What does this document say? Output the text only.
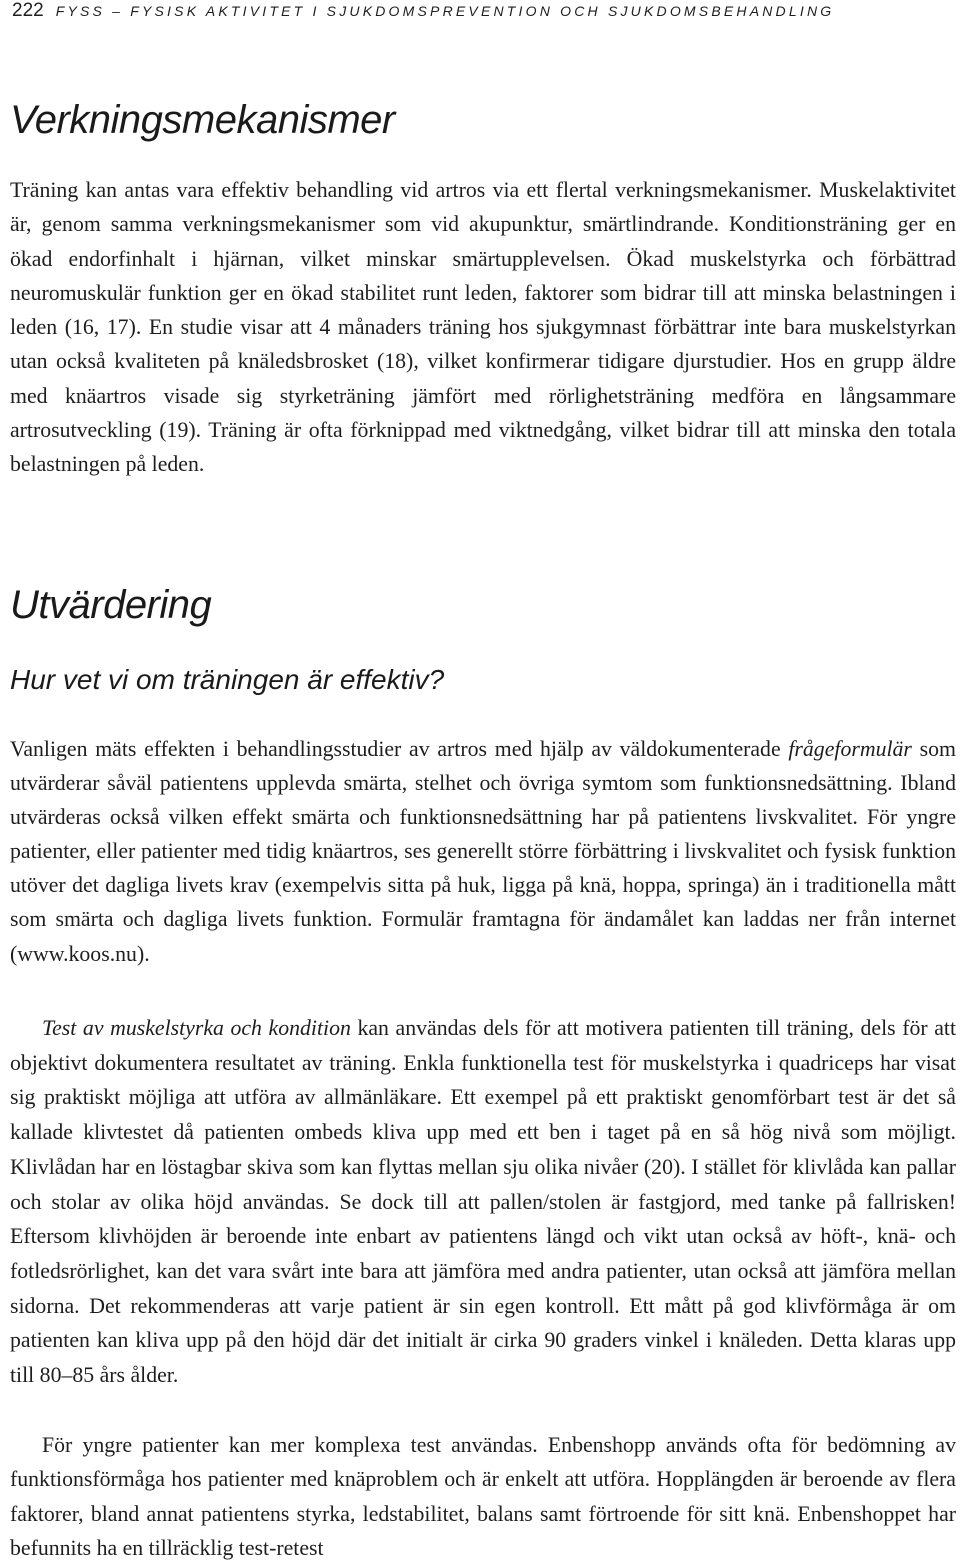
222 FYSS – FYSISK AKTIVITET I SJUKDOMSPREVENTION OCH SJUKDOMSBEHANDLING
Verkningsmekanismer

Träning kan antas vara effektiv behandling vid artros via ett flertal verkningsmekanismer. Muskelaktivitet är, genom samma verkningsmekanismer som vid akupunktur, smärtlindrande. Konditionsträning ger en ökad endorfinhalt i hjärnan, vilket minskar smärtupplevelsen. Ökad muskelstyrka och förbättrad neuromuskulär funktion ger en ökad stabilitet runt leden, faktorer som bidrar till att minska belastningen i leden (16, 17). En studie visar att 4 månaders träning hos sjukgymnast förbättrar inte bara muskelstyrkan utan också kvaliteten på knäledsbrosket (18), vilket konfirmerar tidigare djurstudier. Hos en grupp äldre med knäartros visade sig styrketräning jämfört med rörlighetsträning medföra en långsammare artrosutveckling (19). Träning är ofta förknippad med viktnedgång, vilket bidrar till att minska den totala belastningen på leden.

Utvärdering
Hur vet vi om träningen är effektiv?

Vanligen mäts effekten i behandlingsstudier av artros med hjälp av väldokumenterade frågeformulär som utvärderar såväl patientens upplevda smärta, stelhet och övriga symtom som funktionsnedsättning. Ibland utvärderas också vilken effekt smärta och funktionsnedsättning har på patientens livskvalitet. För yngre patienter, eller patienter med tidig knäartros, ses generellt större förbättring i livskvalitet och fysisk funktion utöver det dagliga livets krav (exempelvis sitta på huk, ligga på knä, hoppa, springa) än i traditionella mått som smärta och dagliga livets funktion. Formulär framtagna för ändamålet kan laddas ner från internet (www.koos.nu).

Test av muskelstyrka och kondition kan användas dels för att motivera patienten till träning, dels för att objektivt dokumentera resultatet av träning. Enkla funktionella test för muskelstyrka i quadriceps har visat sig praktiskt möjliga att utföra av allmänläkare. Ett exempel på ett praktiskt genomförbart test är det så kallade klivtestet då patienten ombeds kliva upp med ett ben i taget på en så hög nivå som möjligt. Klivlådan har en löstagbar skiva som kan flyttas mellan sju olika nivåer (20). I stället för klivlåda kan pallar och stolar av olika höjd användas. Se dock till att pallen/stolen är fastgjord, med tanke på fallrisken! Eftersom klivhöjden är beroende inte enbart av patientens längd och vikt utan också av höft-, knä- och fotledsrörlighet, kan det vara svårt inte bara att jämföra med andra patienter, utan också att jämföra mellan sidorna. Det rekommenderas att varje patient är sin egen kontroll. Ett mått på god klivförmåga är om patienten kan kliva upp på den höjd där det initialt är cirka 90 graders vinkel i knäleden. Detta klaras upp till 80–85 års ålder.

För yngre patienter kan mer komplexa test användas. Enbenshopp används ofta för bedömning av funktionsförmåga hos patienter med knäproblem och är enkelt att utföra. Hopplängden är beroende av flera faktorer, bland annat patientens styrka, ledstabilitet, balans samt förtroende för sitt knä. Enbenshoppet har befunnits ha en tillräcklig test-retest
